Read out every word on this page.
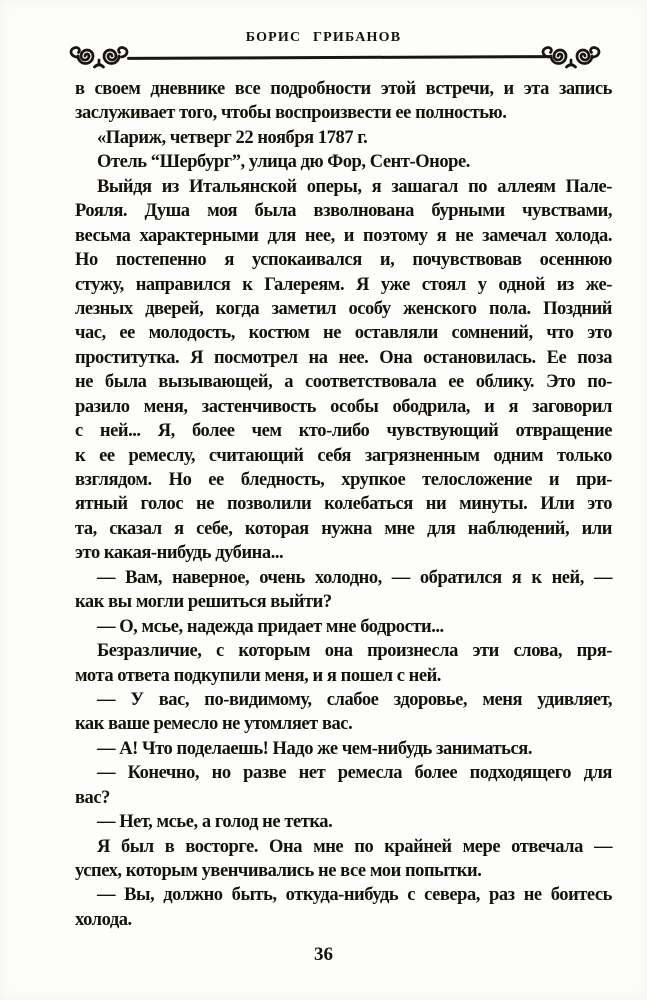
БОРИС ГРИБАНОВ
в своем дневнике все подробности этой встречи, и эта запись
заслуживает того, чтобы воспроизвести ее полностью.
«Париж, четверг 22 ноября 1787 г.
Отель “Шербург”, улица дю Фор, Сент-Оноре.
Выйдя из Итальянской оперы, я зашагал по аллеям Пале-
Рояля. Душа моя была взволнована бурными чувствами,
весьма характерными для нее, и поэтому я не замечал холода.
Но постепенно я успокаивался и, почувствовав осеннюю
стужу, направился к Галереям. Я уже стоял у одной из же-
лезных дверей, когда заметил особу женского пола. Поздний
час, ее молодость, костюм не оставляли сомнений, что это
проститутка. Я посмотрел на нее. Она остановилась. Ее поза
не была вызывающей, а соответствовала ее облику. Это по-
разило меня, застенчивость особы ободрила, и я заговорил
с ней... Я, более чем кто-либо чувствующий отвращение
к ее ремеслу, считающий себя загрязненным одним только
взглядом. Но ее бледность, хрупкое телосложение и при-
ятный голос не позволили колебаться ни минуты. Или это
та, сказал я себе, которая нужна мне для наблюдений, или
это какая-нибудь дубина...
— Вам, наверное, очень холодно, — обратился я к ней, —
как вы могли решиться выйти?
— О, мсье, надежда придает мне бодрости...
Безразличие, с которым она произнесла эти слова, пря-
мота ответа подкупили меня, и я пошел с ней.
— У вас, по-видимому, слабое здоровье, меня удивляет,
как ваше ремесло не утомляет вас.
— А! Что поделаешь! Надо же чем-нибудь заниматься.
— Конечно, но разве нет ремесла более подходящего для
вас?
— Нет, мсье, а голод не тетка.
Я был в восторге. Она мне по крайней мере отвечала —
успех, которым увенчивались не все мои попытки.
— Вы, должно быть, откуда-нибудь с севера, раз не боитесь
холода.
36
